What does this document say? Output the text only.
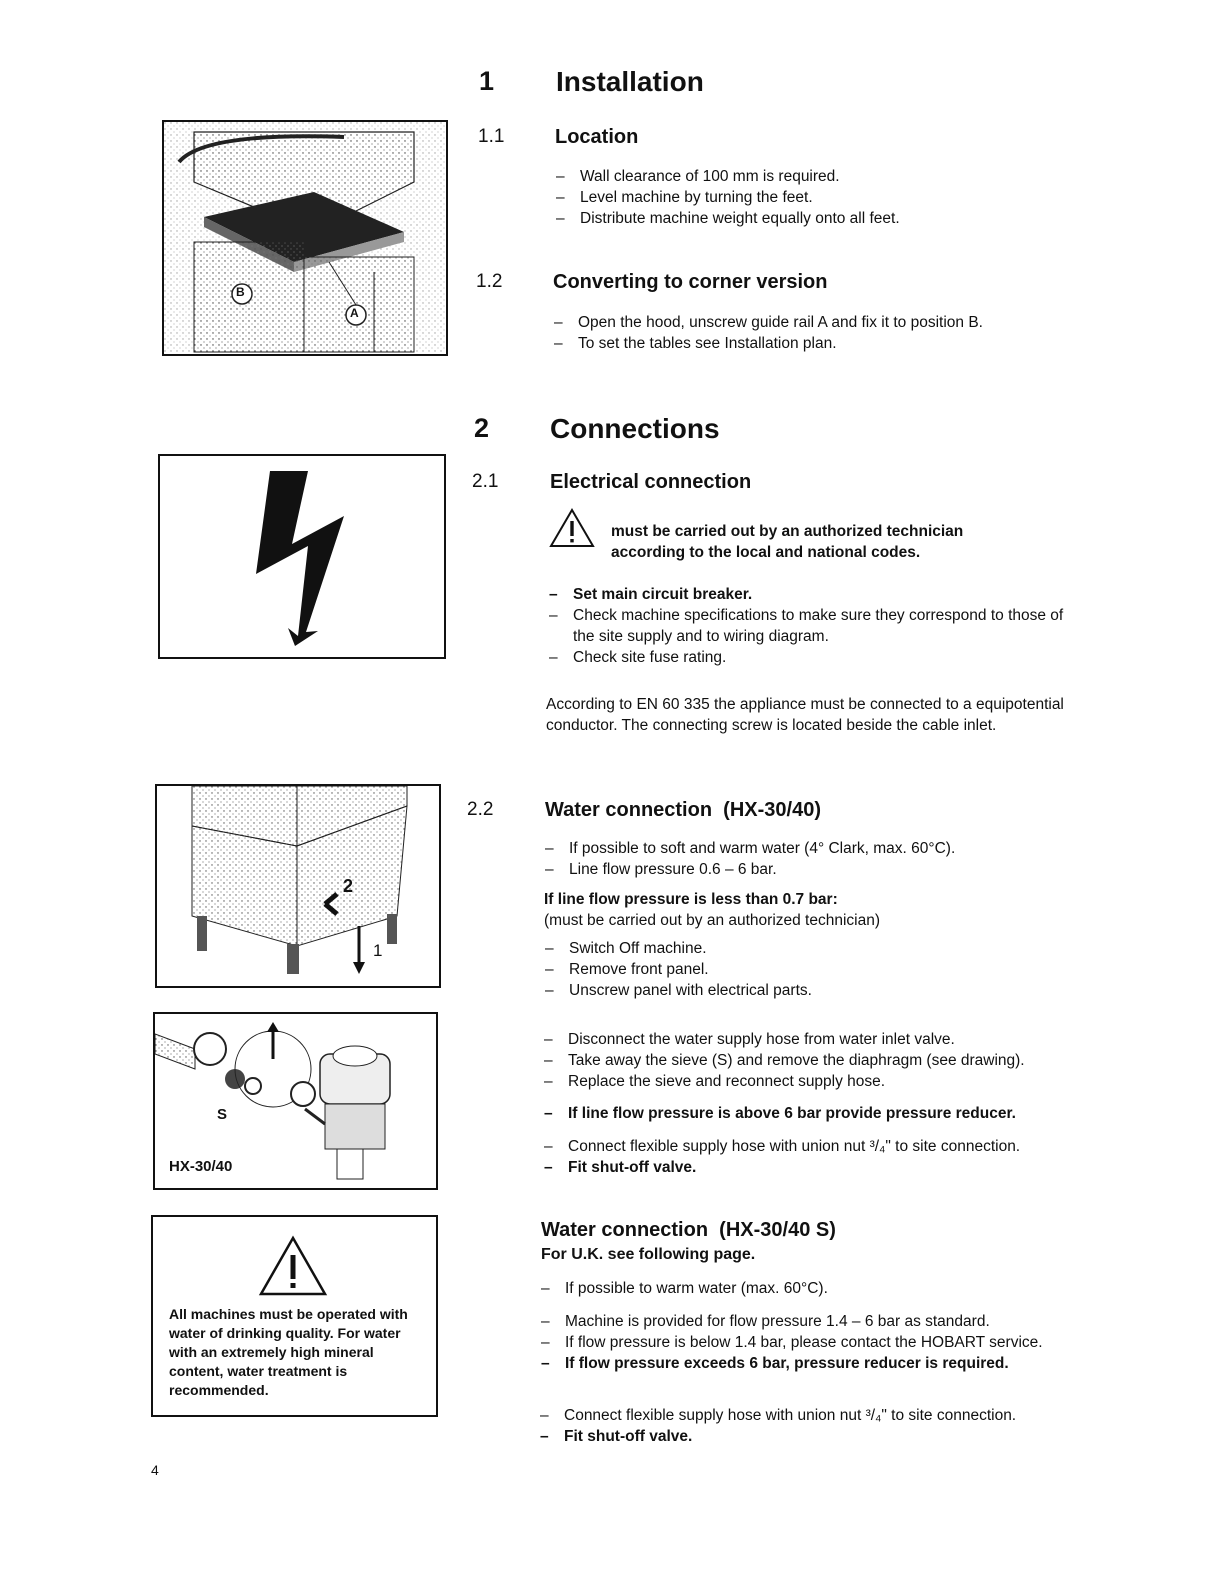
B
A
2
1
S
HX-30/40
All machines must be operated with water of drinking quality. For water with an extremely high mineral content, water treatment is recommended.
1 Installation
1.1	Location
– Wall clearance of 100 mm is required.
– Level machine by turning the feet.
– Distribute machine weight equally onto all feet.
1.2	Converting to corner version
– Open the hood, unscrew guide rail A and fix it to position B.
– To set the tables see Installation plan.
2 Connections
2.1	Electrical connection
must be carried out by an authorized technician according to the local and national codes.
– Set main circuit breaker.
– Check machine specifications to make sure they correspond to those of the site supply and to wiring diagram.
– Check site fuse rating.

According to EN 60 335 the appliance must be connected to a equipotential conductor. The connecting screw is located beside the cable inlet.

2.2	Water connection  (HX-30/40)
– If possible to soft and warm water (4° Clark, max. 60°C).
– Line flow pressure 0.6 – 6 bar.
If line flow pressure is less than 0.7 bar:
(must be carried out by an authorized technician)
– Switch Off machine.
– Remove front panel.
– Unscrew panel with electrical parts.
– Disconnect the water supply hose from water inlet valve.
– Take away the sieve (S) and remove the diaphragm (see drawing).
– Replace the sieve and reconnect supply hose.
– If line flow pressure is above 6 bar provide pressure reducer.
– Connect flexible supply hose with union nut ³/₄" to site connection.
– Fit shut-off valve.
Water connection  (HX-30/40 S)
For U.K. see following page.
– If possible to warm water (max. 60°C).
– Machine is provided for flow pressure 1.4 – 6 bar as standard.
– If flow pressure is below 1.4 bar, please contact the HOBART service.
– If flow pressure exceeds 6 bar, pressure reducer is required.
– Connect flexible supply hose with union nut ³/₄" to site connection.
– Fit shut-off valve.
4
